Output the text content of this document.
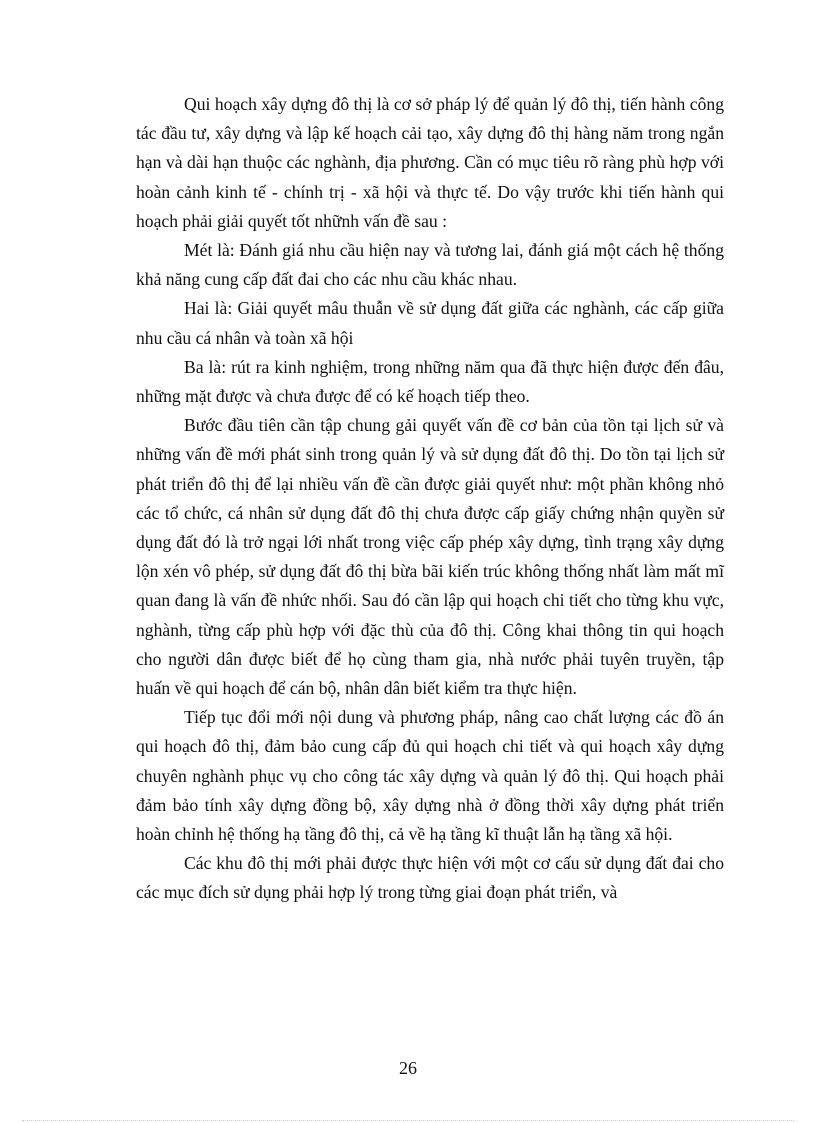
Qui hoạch xây dựng đô thị là cơ sở pháp lý để quản lý đô thị, tiến hành công tác đầu tư, xây dựng và lập kế hoạch cải tạo, xây dựng đô thị hàng năm trong ngắn hạn và dài hạn thuộc các nghành, địa phương. Cần có mục tiêu rõ ràng phù hợp với hoàn cảnh kinh tế - chính trị - xã hội và thực tế. Do vậy trước khi tiến hành qui hoạch phải giải quyết tốt nhữnh vấn đề sau :

Mét là: Đánh giá nhu cầu hiện nay và tương lai, đánh giá một cách hệ thống khả năng cung cấp đất đai cho các nhu cầu khác nhau.

Hai là: Giải quyết mâu thuẫn về sử dụng đất giữa các nghành, các cấp giữa nhu cầu cá nhân và toàn xã hội

Ba là: rút ra kinh nghiệm, trong những năm qua đã thực hiện được đến đâu, những mặt được và chưa được để có kế hoạch tiếp theo.

Bước đầu tiên cần tập chung gải quyết vấn đề cơ bản của tồn tại lịch sử và những vấn đề mới phát sinh trong quản lý và sử dụng đất đô thị. Do tồn tại lịch sử phát triển đô thị để lại nhiều vấn đề cần được giải quyết như: một phần không nhỏ các tổ chức, cá nhân sử dụng đất đô thị chưa được cấp giấy chứng nhận quyền sử dụng đất đó là trở ngại lới nhất trong việc cấp phép xây dựng, tình trạng xây dựng lộn xén vô phép, sử dụng đất đô thị bừa bãi kiến trúc không thống nhất làm mất mĩ quan đang là vấn đề nhức nhối. Sau đó cần lập qui hoạch chi tiết cho từng khu vực, nghành, từng cấp phù hợp với đặc thù của đô thị. Công khai thông tin qui hoạch cho người dân được biết để họ cùng tham gia, nhà nước phải tuyên truyền, tập huấn về qui hoạch để cán bộ, nhân dân biết kiểm tra thực hiện.

Tiếp tục đổi mới nội dung và phương pháp, nâng cao chất lượng các đồ án qui hoạch đô thị, đảm bảo cung cấp đủ qui hoạch chi tiết và qui hoạch xây dựng chuyên nghành phục vụ cho công tác xây dựng và quản lý đô thị. Qui hoạch phải đảm bảo tính xây dựng đồng bộ, xây dựng nhà ở đồng thời xây dựng phát triển hoàn chỉnh hệ thống hạ tầng đô thị, cả về hạ tầng kĩ thuật lẫn hạ tầng xã hội.

Các khu đô thị mới phải được thực hiện với một cơ cấu sử dụng đất đai cho các mục đích sử dụng phải hợp lý trong từng giai đoạn phát triển, và

26
